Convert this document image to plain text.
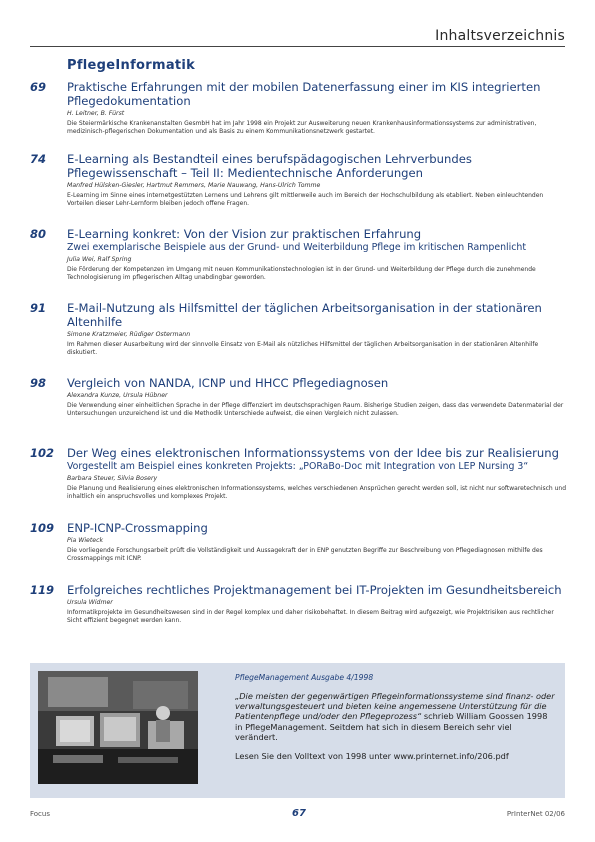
Inhaltsverzeichnis
PflegeInformatik
69	Praktische Erfahrungen mit der mobilen Datenerfassung einer im KIS integrierten Pflegedokumentation
H. Leitner, B. Fürst
Die Steiermärkische Krankenanstalten GesmbH hat im Jahr 1998 ein Projekt zur Ausweiterung neuen Krankenhausinformationssystems zur administrativen, medizinisch-pflegerischen Dokumentation und als Basis zu einem Kommunikationsnetzwerk gestartet.
74	E-Learning als Bestandteil eines berufspädagogischen Lehrverbundes Pflegewissenschaft – Teil II: Medientechnische Anforderungen
Manfred Hülsken-Giesler, Hartmut Remmers, Marie Nauwang, Hans-Ulrich Tomme
E-Learning im Sinne eines internetgestützten Lernens und Lehrens gilt mittlerweile auch im Bereich der Hochschulbildung als etabliert. Neben einleuchtenden Vorteilen dieser Lehr-Lernform bleiben jedoch offene Fragen.
80	E-Learning konkret: Von der Vision zur praktischen Erfahrung
Zwei exemplarische Beispiele aus der Grund- und Weiterbildung Pflege im kritischen Rampenlicht
Julia Wei, Ralf Spring
Die Förderung der Kompetenzen im Umgang mit neuen Kommunikationstechnologien ist in der Grund- und Weiterbildung der Pflege durch die zunehmende Technologisierung im pflegerischen Alltag unabdingbar geworden.
91	E-Mail-Nutzung als Hilfsmittel der täglichen Arbeitsorganisation in der stationären Altenhilfe
Simone Kratzmeier, Rüdiger Ostermann
Im Rahmen dieser Ausarbeitung wird der sinnvolle Einsatz von E-Mail als nützliches Hilfsmittel der täglichen Arbeitsorganisation in der stationären Altenhilfe diskutiert.
98	Vergleich von NANDA, ICNP und HHCC Pflegediagnosen
Alexandra Kunze, Ursula Hübner
Die Verwendung einer einheitlichen Sprache in der Pflege diffenziert im deutschsprachigen Raum. Bisherige Studien zeigen, dass das verwendete Datenmaterial der Untersuchungen unzureichend ist und die Methodik Unterschiede aufweist, die einen Vergleich nicht zulassen.
102	Der Weg eines elektronischen Informationssystems von der Idee bis zur Realisierung
Vorgestellt am Beispiel eines konkreten Projekts: „PORaBo-Doc mit Integration von LEP Nursing 3“
Barbara Steuer, Silvia Bosery
Die Planung und Realisierung eines elektronischen Informationssystems, welches verschiedenen Ansprüchen gerecht werden soll, ist nicht nur softwaretechnisch und inhaltlich ein anspruchsvolles und komplexes Projekt.
109	ENP-ICNP-Crossmapping
Pia Wieteck
Die vorliegende Forschungsarbeit prüft die Vollständigkeit und Aussagekraft der in ENP genutzten Begriffe zur Beschreibung von Pflegediagnosen mithilfe des Crossmappings mit ICNP.
119	Erfolgreiches rechtliches Projektmanagement bei IT-Projekten im Gesundheitsbereich
Ursula Widmer
Informatikprojekte im Gesundheitswesen sind in der Regel komplex und daher risikobehaftet. In diesem Beitrag wird aufgezeigt, wie Projektrisiken aus rechtlicher Sicht effizient begegnet werden kann.
PflegeManagement Ausgabe 4/1998
„Die meisten der gegenwärtigen Pflegeinformationssysteme sind finanz- oder verwaltungsgesteuert und bieten keine angemessene Unterstützung für die Patientenpflege und/oder den Pflegeprozess“ schrieb William Goossen 1998 in PflegeManagement. Seitdem hat sich in diesem Bereich sehr viel verändert.
Lesen Sie den Volltext von 1998 unter www.printernet.info/206.pdf
Focus	67	PrInterNet 02/06
